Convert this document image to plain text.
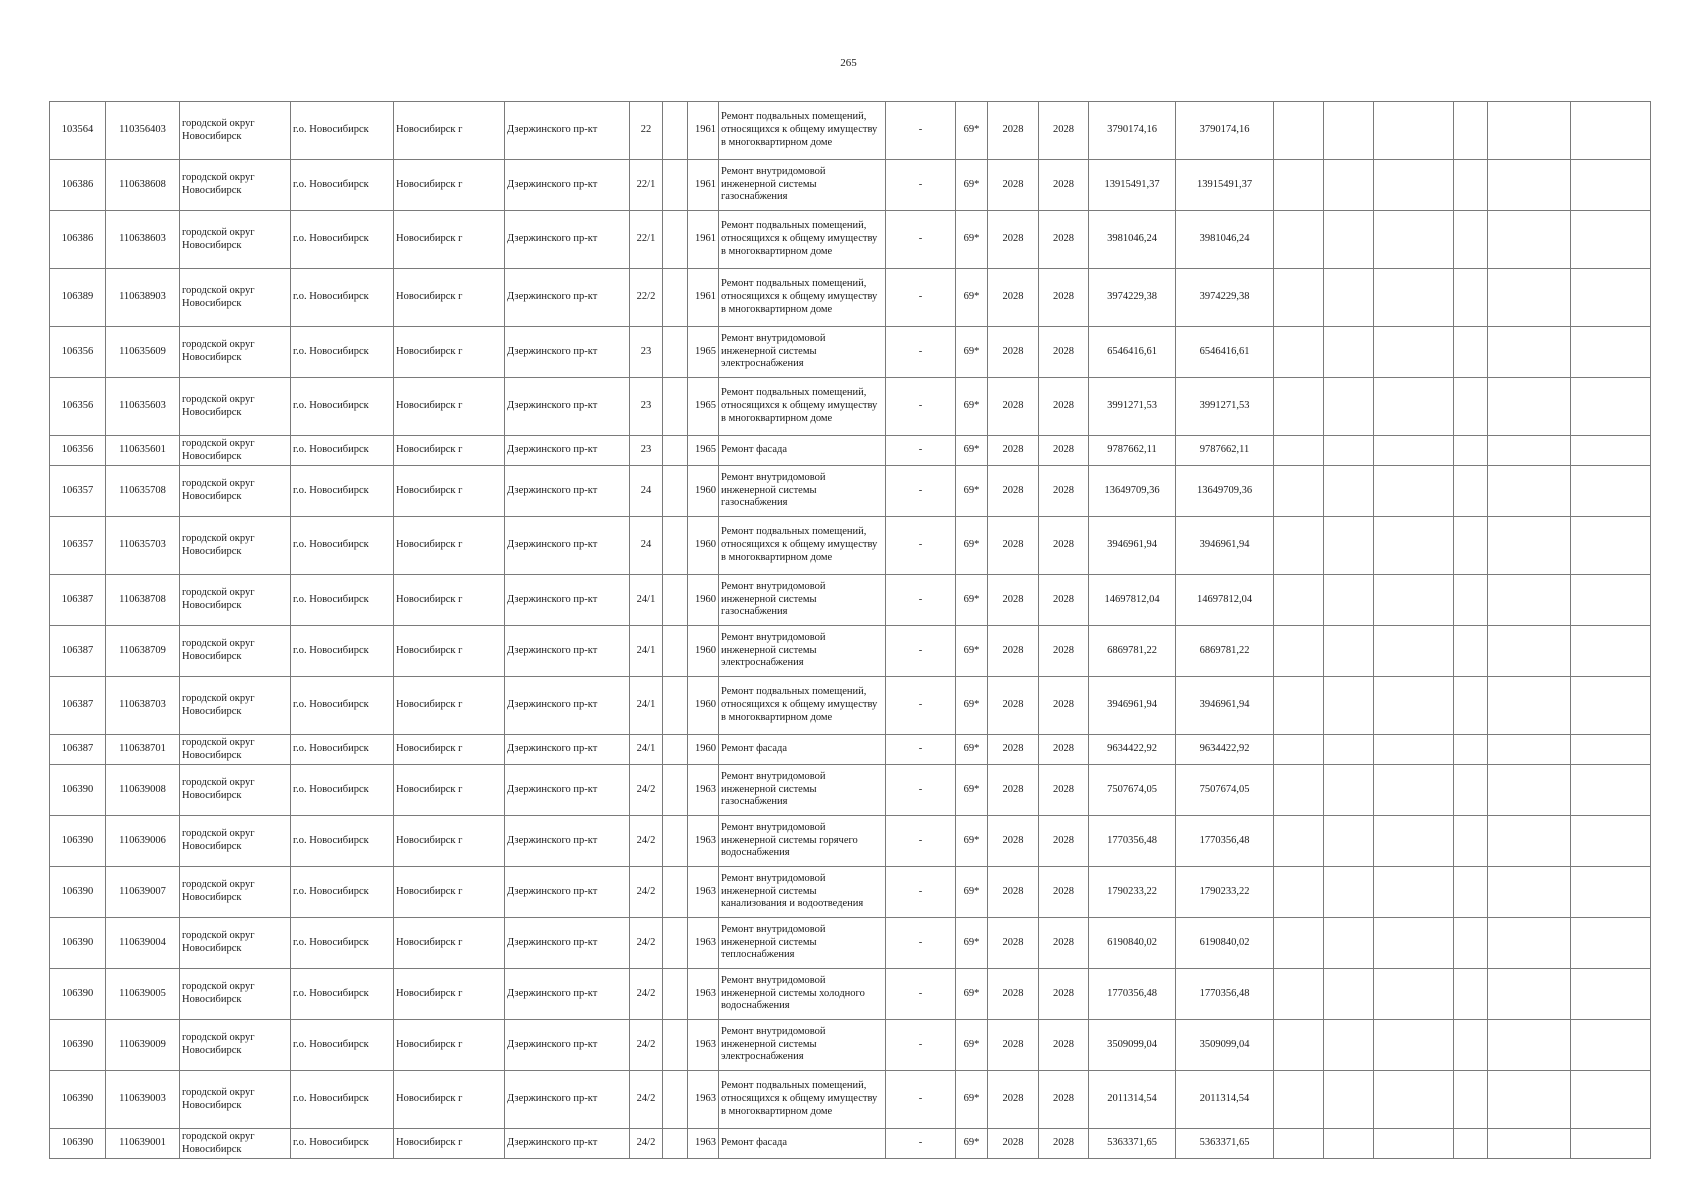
265
103564	110356403	городской округ Новосибирск	г.о. Новосибирск	Новосибирск г	Дзержинского пр-кт	22		1961	Ремонт подвальных помещений, относящихся к общему имуществу в многоквартирном доме	-	69*	2028	2028	3790174,16	3790174,16						
106386	110638608	городской округ Новосибирск	г.о. Новосибирск	Новосибирск г	Дзержинского пр-кт	22/1		1961	Ремонт внутридомовой инженерной системы газоснабжения	-	69*	2028	2028	13915491,37	13915491,37						
106386	110638603	городской округ Новосибирск	г.о. Новосибирск	Новосибирск г	Дзержинского пр-кт	22/1		1961	Ремонт подвальных помещений, относящихся к общему имуществу в многоквартирном доме	-	69*	2028	2028	3981046,24	3981046,24						
106389	110638903	городской округ Новосибирск	г.о. Новосибирск	Новосибирск г	Дзержинского пр-кт	22/2		1961	Ремонт подвальных помещений, относящихся к общему имуществу в многоквартирном доме	-	69*	2028	2028	3974229,38	3974229,38						
106356	110635609	городской округ Новосибирск	г.о. Новосибирск	Новосибирск г	Дзержинского пр-кт	23		1965	Ремонт внутридомовой инженерной системы электроснабжения	-	69*	2028	2028	6546416,61	6546416,61						
106356	110635603	городской округ Новосибирск	г.о. Новосибирск	Новосибирск г	Дзержинского пр-кт	23		1965	Ремонт подвальных помещений, относящихся к общему имуществу в многоквартирном доме	-	69*	2028	2028	3991271,53	3991271,53						
106356	110635601	городской округ Новосибирск	г.о. Новосибирск	Новосибирск г	Дзержинского пр-кт	23		1965	Ремонт фасада	-	69*	2028	2028	9787662,11	9787662,11						
106357	110635708	городской округ Новосибирск	г.о. Новосибирск	Новосибирск г	Дзержинского пр-кт	24		1960	Ремонт внутридомовой инженерной системы газоснабжения	-	69*	2028	2028	13649709,36	13649709,36						
106357	110635703	городской округ Новосибирск	г.о. Новосибирск	Новосибирск г	Дзержинского пр-кт	24		1960	Ремонт подвальных помещений, относящихся к общему имуществу в многоквартирном доме	-	69*	2028	2028	3946961,94	3946961,94						
106387	110638708	городской округ Новосибирск	г.о. Новосибирск	Новосибирск г	Дзержинского пр-кт	24/1		1960	Ремонт внутридомовой инженерной системы газоснабжения	-	69*	2028	2028	14697812,04	14697812,04						
106387	110638709	городской округ Новосибирск	г.о. Новосибирск	Новосибирск г	Дзержинского пр-кт	24/1		1960	Ремонт внутридомовой инженерной системы электроснабжения	-	69*	2028	2028	6869781,22	6869781,22						
106387	110638703	городской округ Новосибирск	г.о. Новосибирск	Новосибирск г	Дзержинского пр-кт	24/1		1960	Ремонт подвальных помещений, относящихся к общему имуществу в многоквартирном доме	-	69*	2028	2028	3946961,94	3946961,94						
106387	110638701	городской округ Новосибирск	г.о. Новосибирск	Новосибирск г	Дзержинского пр-кт	24/1		1960	Ремонт фасада	-	69*	2028	2028	9634422,92	9634422,92						
106390	110639008	городской округ Новосибирск	г.о. Новосибирск	Новосибирск г	Дзержинского пр-кт	24/2		1963	Ремонт внутридомовой инженерной системы газоснабжения	-	69*	2028	2028	7507674,05	7507674,05						
106390	110639006	городской округ Новосибирск	г.о. Новосибирск	Новосибирск г	Дзержинского пр-кт	24/2		1963	Ремонт внутридомовой инженерной системы горячего водоснабжения	-	69*	2028	2028	1770356,48	1770356,48						
106390	110639007	городской округ Новосибирск	г.о. Новосибирск	Новосибирск г	Дзержинского пр-кт	24/2		1963	Ремонт внутридомовой инженерной системы канализования и водоотведения	-	69*	2028	2028	1790233,22	1790233,22						
106390	110639004	городской округ Новосибирск	г.о. Новосибирск	Новосибирск г	Дзержинского пр-кт	24/2		1963	Ремонт внутридомовой инженерной системы теплоснабжения	-	69*	2028	2028	6190840,02	6190840,02						
106390	110639005	городской округ Новосибирск	г.о. Новосибирск	Новосибирск г	Дзержинского пр-кт	24/2		1963	Ремонт внутридомовой инженерной системы холодного водоснабжения	-	69*	2028	2028	1770356,48	1770356,48						
106390	110639009	городской округ Новосибирск	г.о. Новосибирск	Новосибирск г	Дзержинского пр-кт	24/2		1963	Ремонт внутридомовой инженерной системы электроснабжения	-	69*	2028	2028	3509099,04	3509099,04						
106390	110639003	городской округ Новосибирск	г.о. Новосибирск	Новосибирск г	Дзержинского пр-кт	24/2		1963	Ремонт подвальных помещений, относящихся к общему имуществу в многоквартирном доме	-	69*	2028	2028	2011314,54	2011314,54						
106390	110639001	городской округ Новосибирск	г.о. Новосибирск	Новосибирск г	Дзержинского пр-кт	24/2		1963	Ремонт фасада	-	69*	2028	2028	5363371,65	5363371,65						
